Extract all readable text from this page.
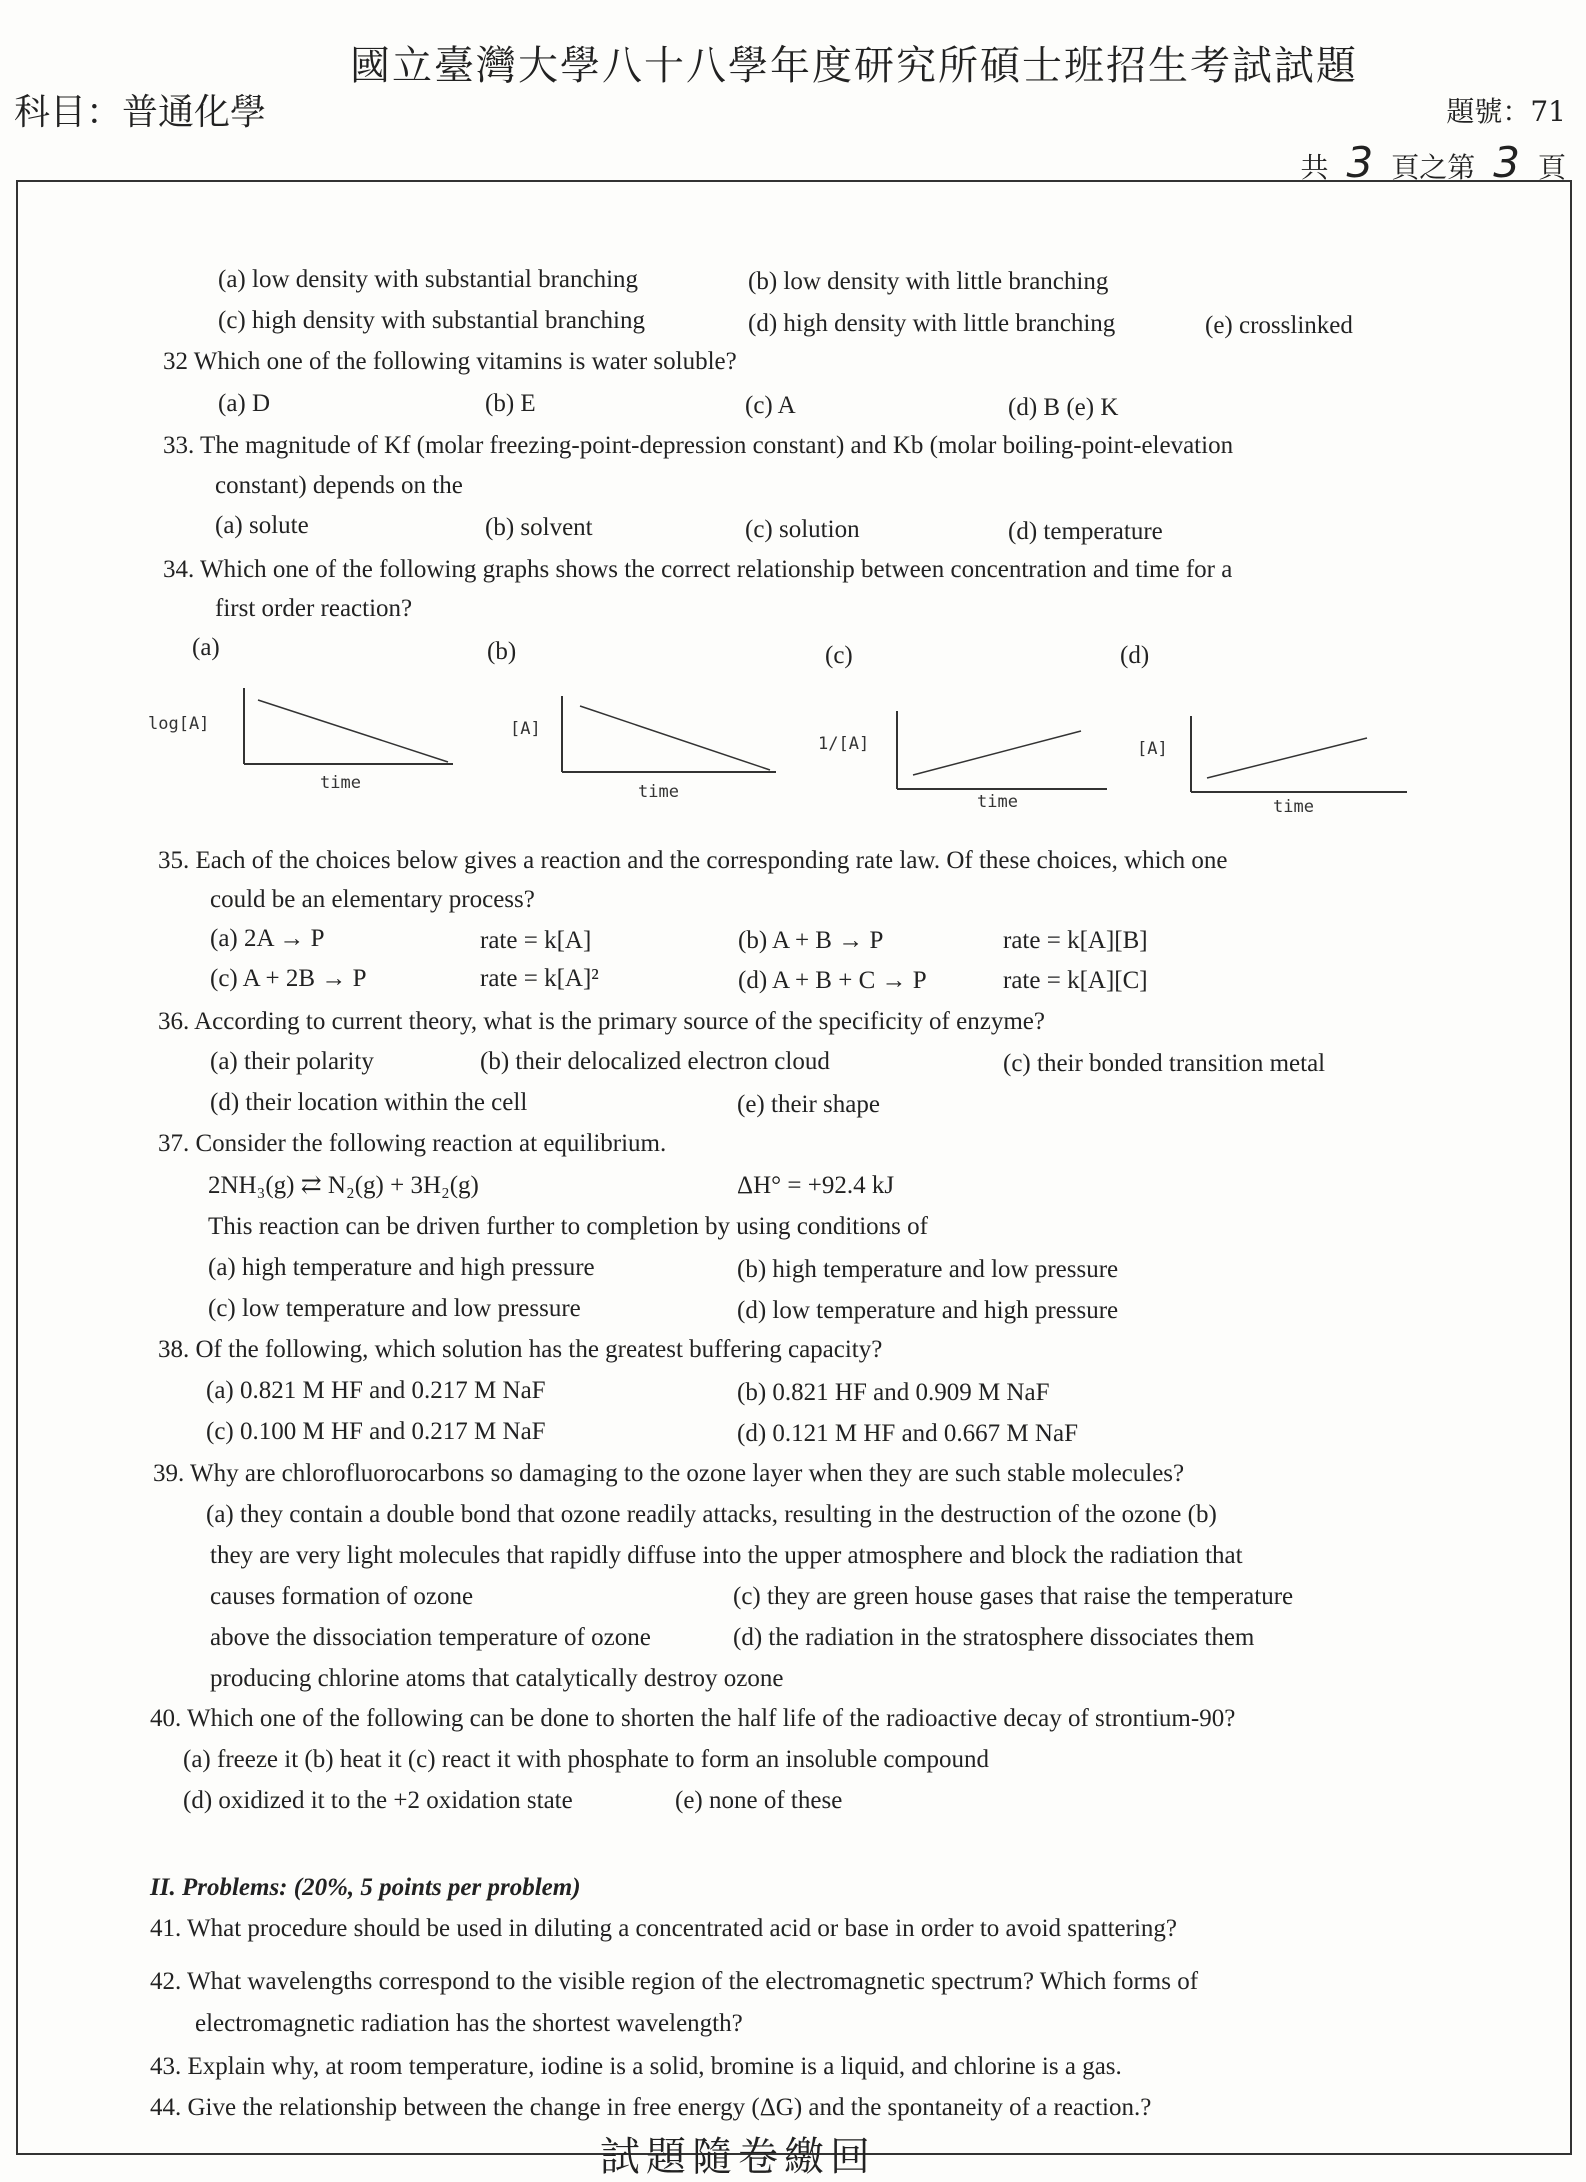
國立臺灣大學八十八學年度研究所碩士班招生考試試題
科目：普通化學	題號：71
共 3 頁之第 3 頁
(a) low density with substantial branching	(b) low density with little branching
(c) high density with substantial branching	(d) high density with little branching	(e) crosslinked
32 Which one of the following vitamins is water soluble?
(a) D	(b) E	(c) A	(d) B (e) K
33. The magnitude of Kf (molar freezing-point-depression constant) and Kb (molar boiling-point-elevation
constant) depends on the
(a) solute	(b) solvent	(c) solution	(d) temperature
34. Which one of the following graphs shows the correct relationship between concentration and time for a
first order reaction?
(a)	(b)	(c)	(d)
35. Each of the choices below gives a reaction and the corresponding rate law. Of these choices, which one
could be an elementary process?
(a) 2A → P	rate = k[A]	(b) A + B → P	rate = k[A][B]
(c) A + 2B → P	rate = k[A]²	(d) A + B + C → P	rate = k[A][C]
36. According to current theory, what is the primary source of the specificity of enzyme?
(a) their polarity	(b) their delocalized electron cloud	(c) their bonded transition metal
(d) their location within the cell	(e) their shape
37. Consider the following reaction at equilibrium.
2NH₃(g) ⇄ N₂(g) + 3H₂(g)	ΔH° = +92.4 kJ
This reaction can be driven further to completion by using conditions of
(a) high temperature and high pressure	(b) high temperature and low pressure
(c) low temperature and low pressure	(d) low temperature and high pressure
38. Of the following, which solution has the greatest buffering capacity?
(a) 0.821 M HF and 0.217 M NaF	(b) 0.821 HF and 0.909 M NaF
(c) 0.100 M HF and 0.217 M NaF	(d) 0.121 M HF and 0.667 M NaF
39. Why are chlorofluorocarbons so damaging to the ozone layer when they are such stable molecules?
(a) they contain a double bond that ozone readily attacks, resulting in the destruction of the ozone (b)
they are very light molecules that rapidly diffuse into the upper atmosphere and block the radiation that
causes formation of ozone	(c) they are green house gases that raise the temperature
above the dissociation temperature of ozone	(d) the radiation in the stratosphere dissociates them
producing chlorine atoms that catalytically destroy ozone
40. Which one of the following can be done to shorten the half life of the radioactive decay of strontium-90?
(a) freeze it (b) heat it (c) react it with phosphate to form an insoluble compound
(d) oxidized it to the +2 oxidation state	(e) none of these
II. Problems: (20%, 5 points per problem)
41. What procedure should be used in diluting a concentrated acid or base in order to avoid spattering?
42. What wavelengths correspond to the visible region of the electromagnetic spectrum? Which forms of
electromagnetic radiation has the shortest wavelength?
43. Explain why, at room temperature, iodine is a solid, bromine is a liquid, and chlorine is a gas.
44. Give the relationship between the change in free energy (ΔG) and the spontaneity of a reaction.?
log[A]
time
[A]
time
1/[A]
time
[A]
time
試題隨卷繳回
